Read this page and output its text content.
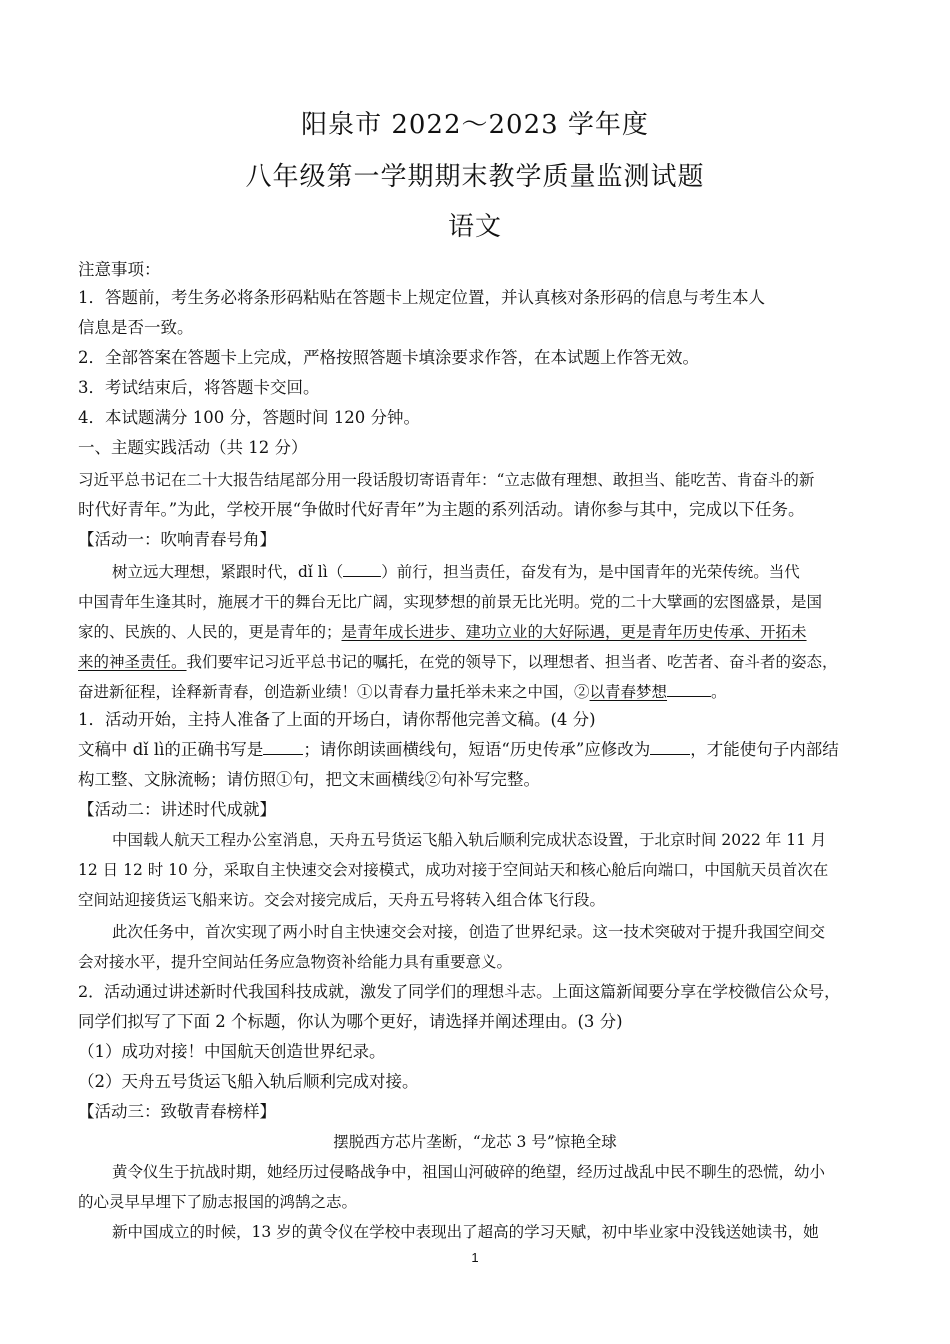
阳泉市 2022～2023 学年度
八年级第一学期期末教学质量监测试题
语文
注意事项：
1．答题前，考生务必将条形码粘贴在答题卡上规定位置，并认真核对条形码的信息与考生本人
信息是否一致。
2．全部答案在答题卡上完成，严格按照答题卡填涂要求作答，在本试题上作答无效。
3．考试结束后，将答题卡交回。
4．本试题满分 100 分，答题时间 120 分钟。
一、主题实践活动（共 12 分）
习近平总书记在二十大报告结尾部分用一段话殷切寄语青年：“立志做有理想、敢担当、能吃苦、肯奋斗的新
时代好青年。”为此，学校开展“争做时代好青年”为主题的系列活动。请你参与其中，完成以下任务。
【活动一：吹响青春号角】
树立远大理想，紧跟时代，dǐ lì（ ）前行，担当责任，奋发有为，是中国青年的光荣传统。当代
中国青年生逢其时，施展才干的舞台无比广阔，实现梦想的前景无比光明。党的二十大擘画的宏图盛景，是国
家的、民族的、人民的，更是青年的；是青年成长进步、建功立业的大好际遇，更是青年历史传承、开拓未
来的神圣责任。我们要牢记习近平总书记的嘱托，在党的领导下，以理想者、担当者、吃苦者、奋斗者的姿态，
奋进新征程，诠释新青春，创造新业绩！①以青春力量托举未来之中国，②以青春梦想	。
1．活动开始，主持人准备了上面的开场白，请你帮他完善文稿。(4 分)
文稿中 dǐ lì的正确书写是 ；请你朗读画横线句，短语“历史传承”应修改为 ，才能使句子内部结
构工整、文脉流畅；请仿照①句，把文末画横线②句补写完整。
【活动二：讲述时代成就】
中国载人航天工程办公室消息，天舟五号货运飞船入轨后顺利完成状态设置，于北京时间 2022 年 11 月
12 日 12 时 10 分，采取自主快速交会对接模式，成功对接于空间站天和核心舱后向端口，中国航天员首次在
空间站迎接货运飞船来访。交会对接完成后，天舟五号将转入组合体飞行段。
此次任务中，首次实现了两小时自主快速交会对接，创造了世界纪录。这一技术突破对于提升我国空间交
会对接水平，提升空间站任务应急物资补给能力具有重要意义。
2．活动通过讲述新时代我国科技成就，激发了同学们的理想斗志。上面这篇新闻要分享在学校微信公众号，
同学们拟写了下面 2 个标题，你认为哪个更好，请选择并阐述理由。(3 分)
（1）成功对接！中国航天创造世界纪录。
（2）天舟五号货运飞船入轨后顺利完成对接。
【活动三：致敬青春榜样】
摆脱西方芯片垄断，“龙芯 3 号”惊艳全球
黄令仪生于抗战时期，她经历过侵略战争中，祖国山河破碎的绝望，经历过战乱中民不聊生的恐慌，幼小
的心灵早早埋下了励志报国的鸿鹄之志。
新中国成立的时候，13 岁的黄令仪在学校中表现出了超高的学习天赋，初中毕业家中没钱送她读书，她
1
